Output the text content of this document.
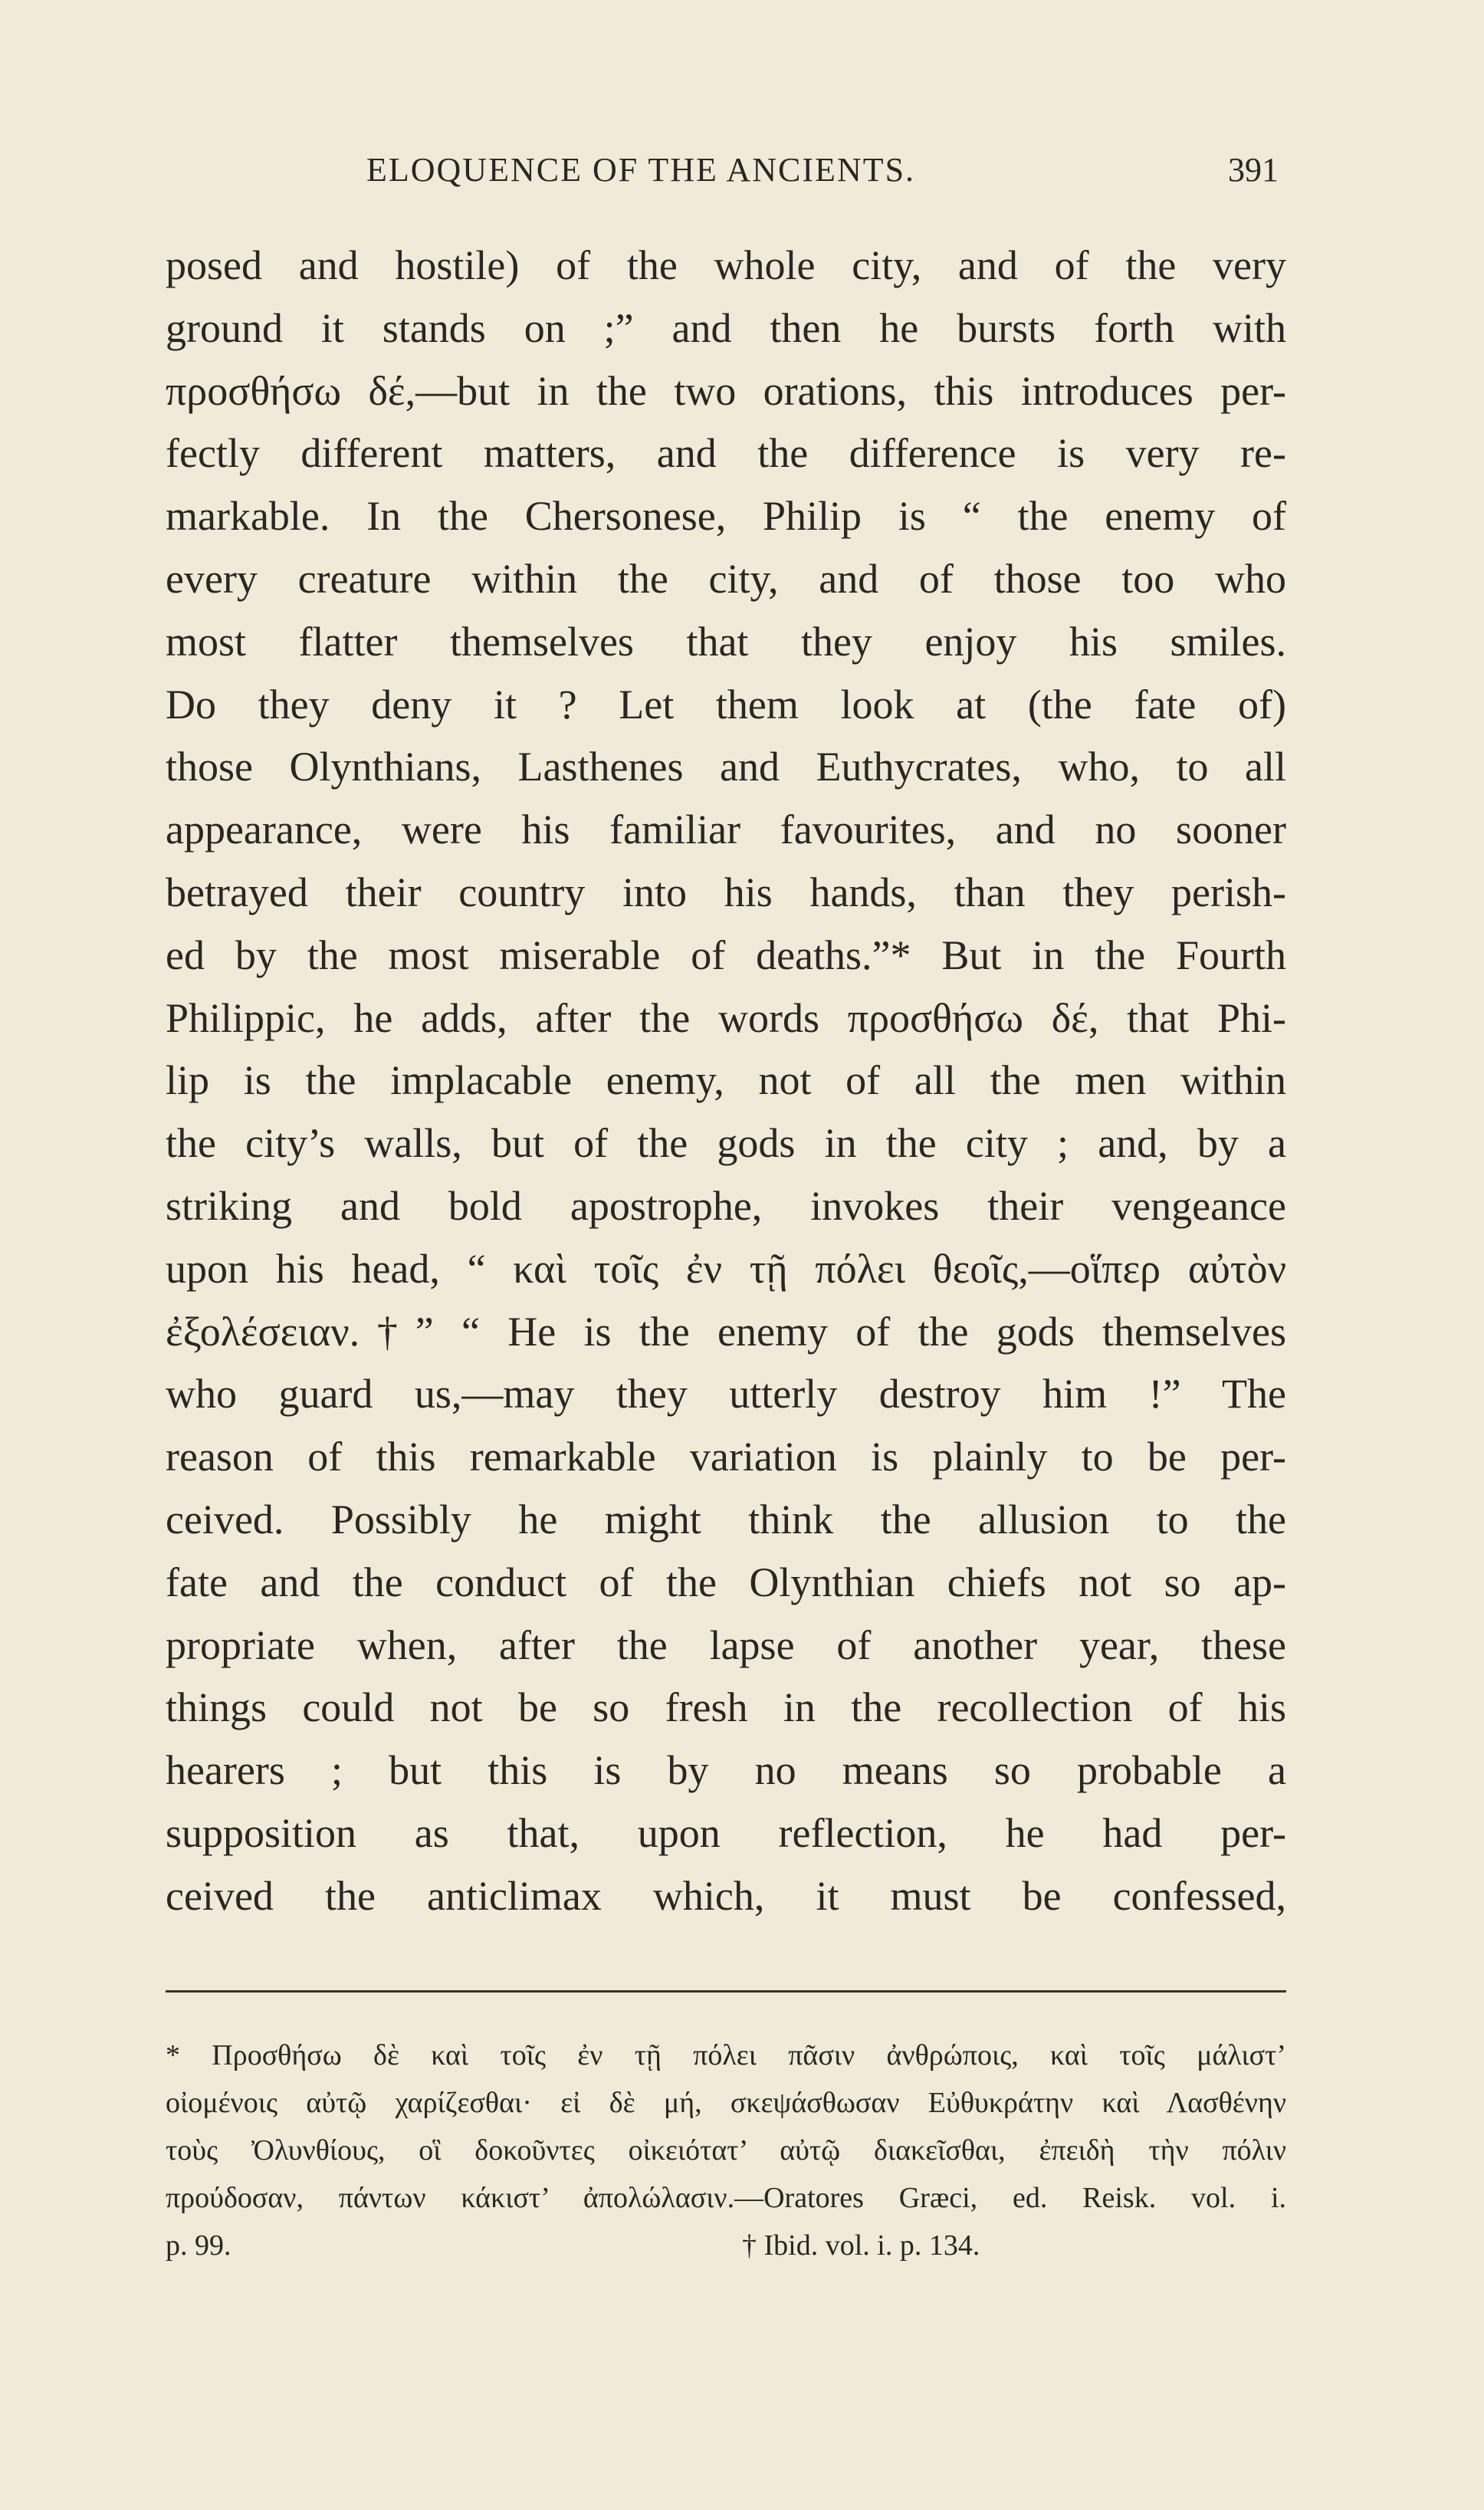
ELOQUENCE OF THE ANCIENTS.	391
posed and hostile) of the whole city, and of the very
ground it stands on ;” and then he bursts forth with
προσθήσω δέ,—but in the two orations, this introduces per-
fectly different matters, and the difference is very re-
markable. In the Chersonese, Philip is “ the enemy of
every creature within the city, and of those too who
most flatter themselves that they enjoy his smiles.
Do they deny it ? Let them look at (the fate of)
those Olynthians, Lasthenes and Euthycrates, who, to all
appearance, were his familiar favourites, and no sooner
betrayed their country into his hands, than they perish-
ed by the most miserable of deaths.”* But in the Fourth
Philippic, he adds, after the words προσθήσω δέ, that Phi-
lip is the implacable enemy, not of all the men within
the city’s walls, but of the gods in the city ; and, by a
striking and bold apostrophe, invokes their vengeance
upon his head, “ καὶ τοῖς ἐν τῇ πόλει θεοῖς,—οἵπερ αὐτὸν
ἐξολέσειαν.†” “ He is the enemy of the gods themselves
who guard us,—may they utterly destroy him !” The
reason of this remarkable variation is plainly to be per-
ceived. Possibly he might think the allusion to the
fate and the conduct of the Olynthian chiefs not so ap-
propriate when, after the lapse of another year, these
things could not be so fresh in the recollection of his
hearers ; but this is by no means so probable a
supposition as that, upon reflection, he had per-
ceived the anticlimax which, it must be confessed,
* Προσθήσω δὲ καὶ τοῖς ἐν τῇ πόλει πᾶσιν ἀνθρώποις, καὶ τοῖς μάλιστ’
οἰομένοις αὐτῷ χαρίζεσθαι· εἰ δὲ μή, σκεψάσθωσαν Εὐθυκράτην καὶ Λασθένην
τοὺς Ὀλυνθίους, οἳ δοκοῦντες οἰκειότατ’ αὐτῷ διακεῖσθαι, ἐπειδὴ τὴν πόλιν
προύδοσαν, πάντων κάκιστ’ ἀπολώλασιν.—Oratores Græci, ed. Reisk. vol. i.
p. 99.	† Ibid. vol. i. p. 134.
